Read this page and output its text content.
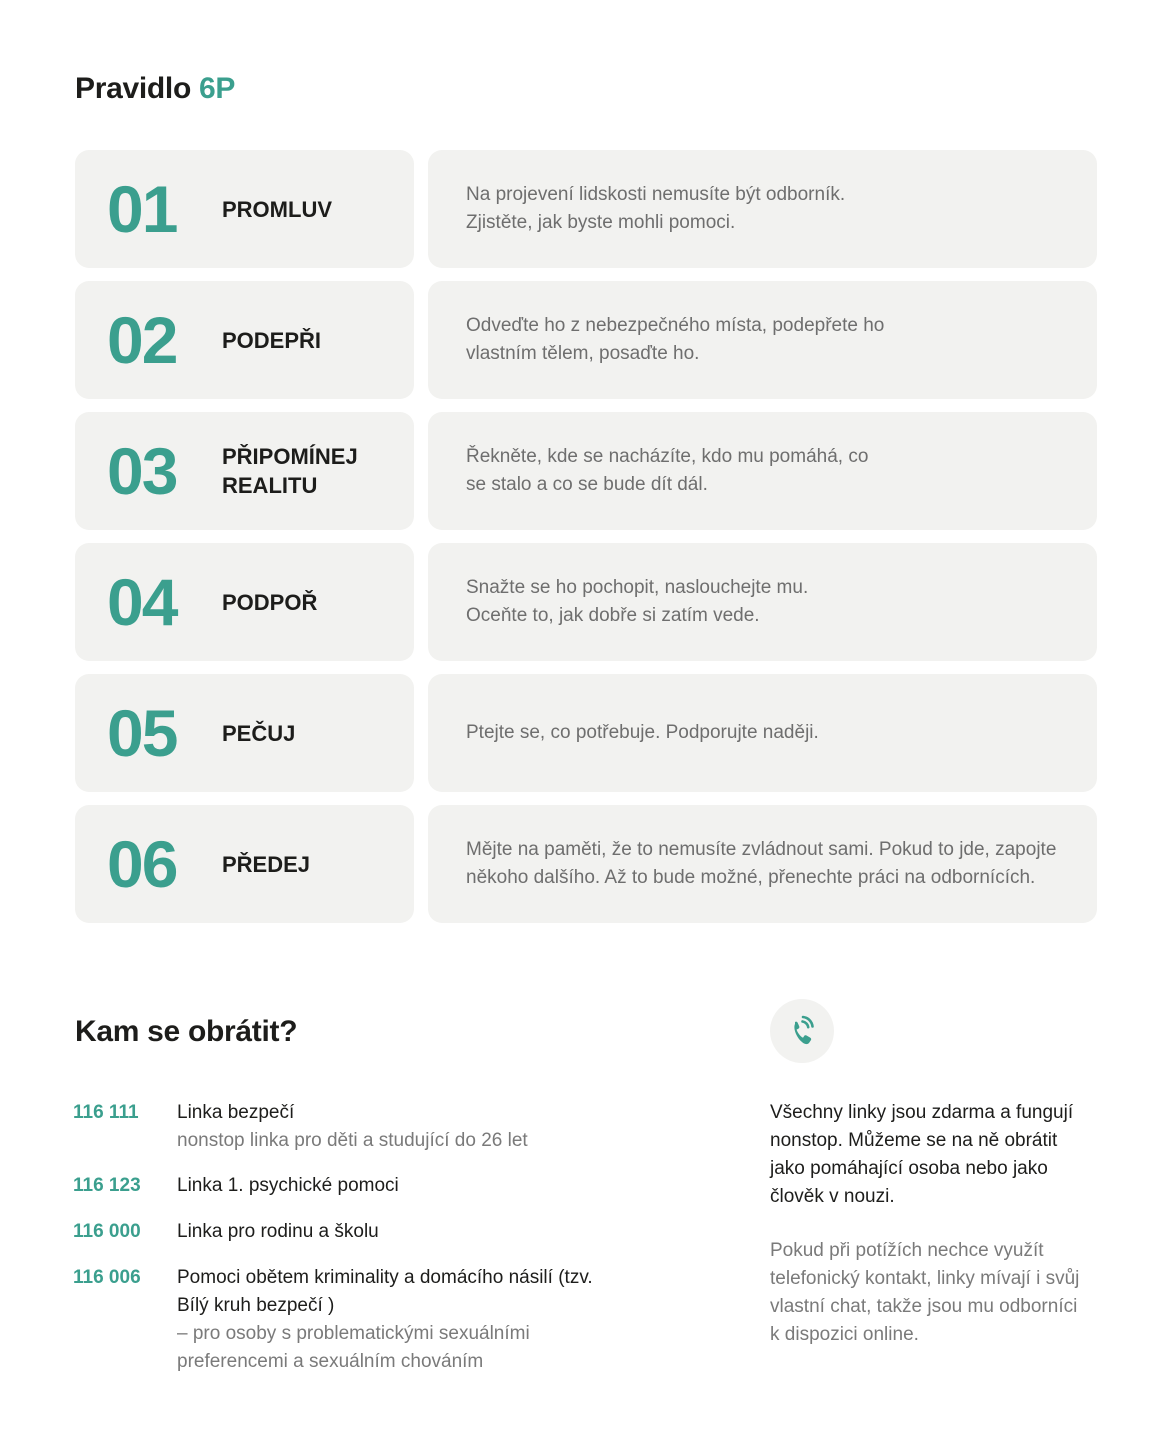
Pravidlo 6P
01 PROMLUV
Na projevení lidskosti nemusíte být odborník. Zjistěte, jak byste mohli pomoci.
02 PODEPŘI
Odveďte ho z nebezpečného místa, podepřete ho vlastním tělem, posaďte ho.
03 PŘIPOMÍNEJ REALITU
Řekněte, kde se nacházíte, kdo mu pomáhá, co se stalo a co se bude dít dál.
04 PODPOŘ
Snažte se ho pochopit, naslouchejte mu. Oceňte to, jak dobře si zatím vede.
05 PEČUJ	Ptejte se, co potřebuje. Podporujte naději.
06 PŘEDEJ
Mějte na paměti, že to nemusíte zvládnout sami. Pokud to jde, zapojte někoho dalšího. Až to bude možné, přenechte práci na odbornících.
Kam se obrátit?
116 111 Linka bezpečí
nonstop linka pro děti a studující do 26 let
116 123 Linka 1. psychické pomoci
116 000 Linka pro rodinu a školu
116 006 Pomoci obětem kriminality a domácího násilí (tzv. Bílý kruh bezpečí )
– pro osoby s problematickými sexuálními preferencemi a sexuálním chováním

Všechny linky jsou zdarma a fungují nonstop. Můžeme se na ně obrátit jako pomáhající osoba nebo jako člověk v nouzi.

Pokud při potížích nechce využít telefonický kontakt, linky mívají i svůj vlastní chat, takže jsou mu odborníci k dispozici online.
